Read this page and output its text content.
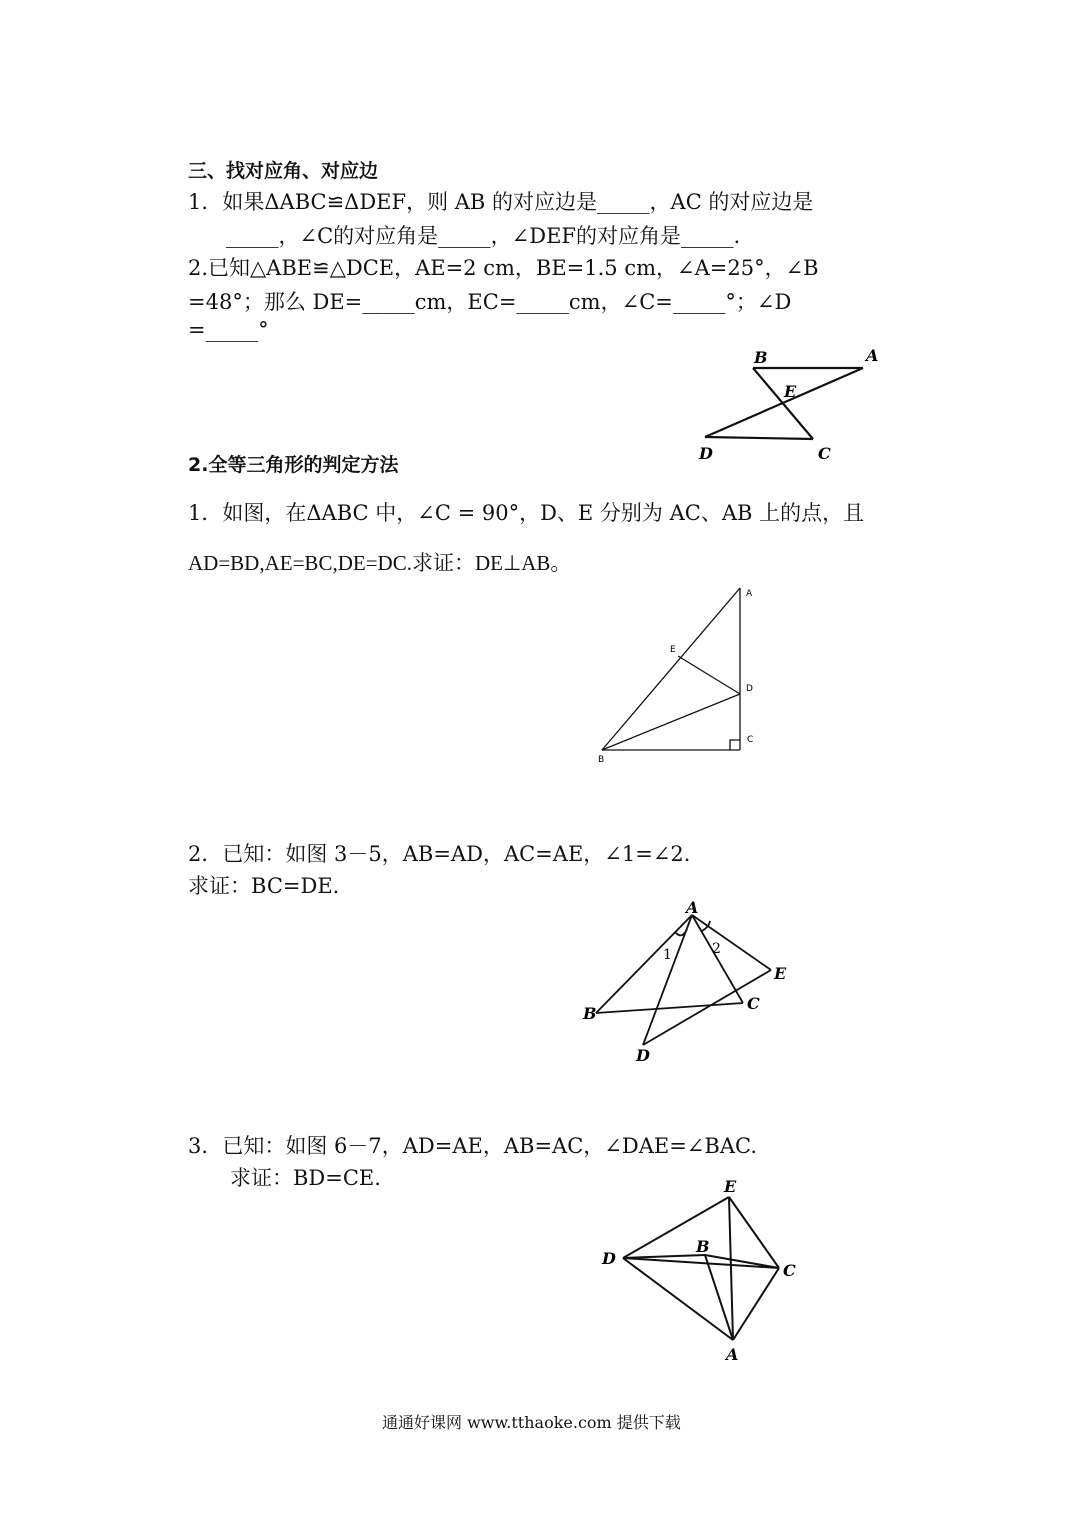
三、找对应角、对应边
1．如果ΔABC≌ΔDEF，则 AB 的对应边是_____，AC 的对应边是
_____，∠C的对应角是_____，∠DEF的对应角是_____.
2.已知△ABE≌△DCE，AE=2 cm，BE=1.5 cm，∠A=25°，∠B
=48°；那么 DE=_____cm，EC=_____cm，∠C=_____°；∠D
=_____°
B	A
E
D	C
2.全等三角形的判定方法
1．如图，在ΔABC 中，∠C = 90°，D、E 分别为 AC、AB 上的点，且
AD=BD,AE=BC,DE=DC.求证：DE⊥AB。
A
E
D
C
B
2．已知：如图 3－5，AB=AD，AC=AE，∠1=∠2.
求证：BC=DE.
A
E
B
C
D
1	2
3．已知：如图 6－7，AD=AE，AB=AC，∠DAE=∠BAC.
求证：BD=CE.	E
D
B
C
A
通通好课网 www.tthaoke.com 提供下载
